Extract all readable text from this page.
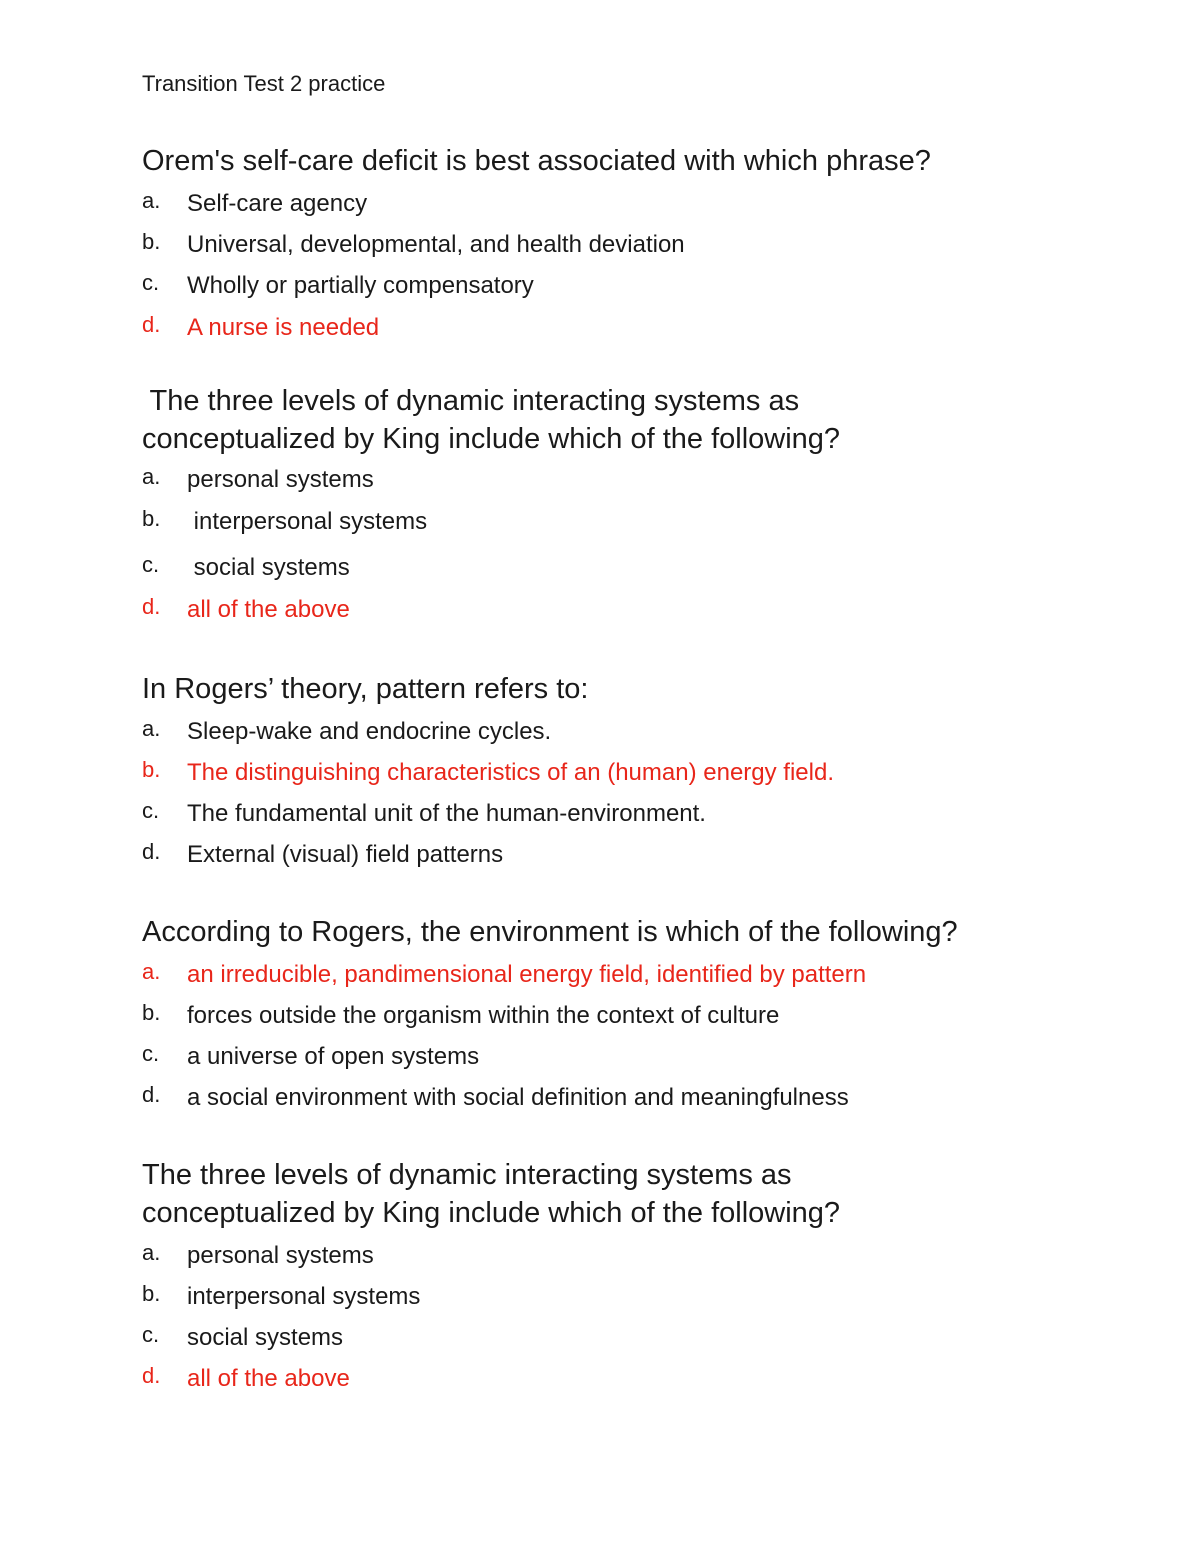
Transition Test 2 practice
Orem's self-care deficit is best associated with which phrase?
a. Self-care agency
b. Universal, developmental, and health deviation
c. Wholly or partially compensatory
d. A nurse is needed
The three levels of dynamic interacting systems as
conceptualized by King include which of the following?
a. personal systems
b. interpersonal systems
c. social systems
d. all of the above
In Rogers’ theory, pattern refers to:
a. Sleep-wake and endocrine cycles.
b. The distinguishing characteristics of an (human) energy field.
c. The fundamental unit of the human-environment.
d. External (visual) field patterns
According to Rogers, the environment is which of the following?
a. an irreducible, pandimensional energy field, identified by pattern
b. forces outside the organism within the context of culture
c. a universe of open systems
d. a social environment with social definition and meaningfulness
The three levels of dynamic interacting systems as
conceptualized by King include which of the following?
a. personal systems
b. interpersonal systems
c. social systems
d. all of the above
